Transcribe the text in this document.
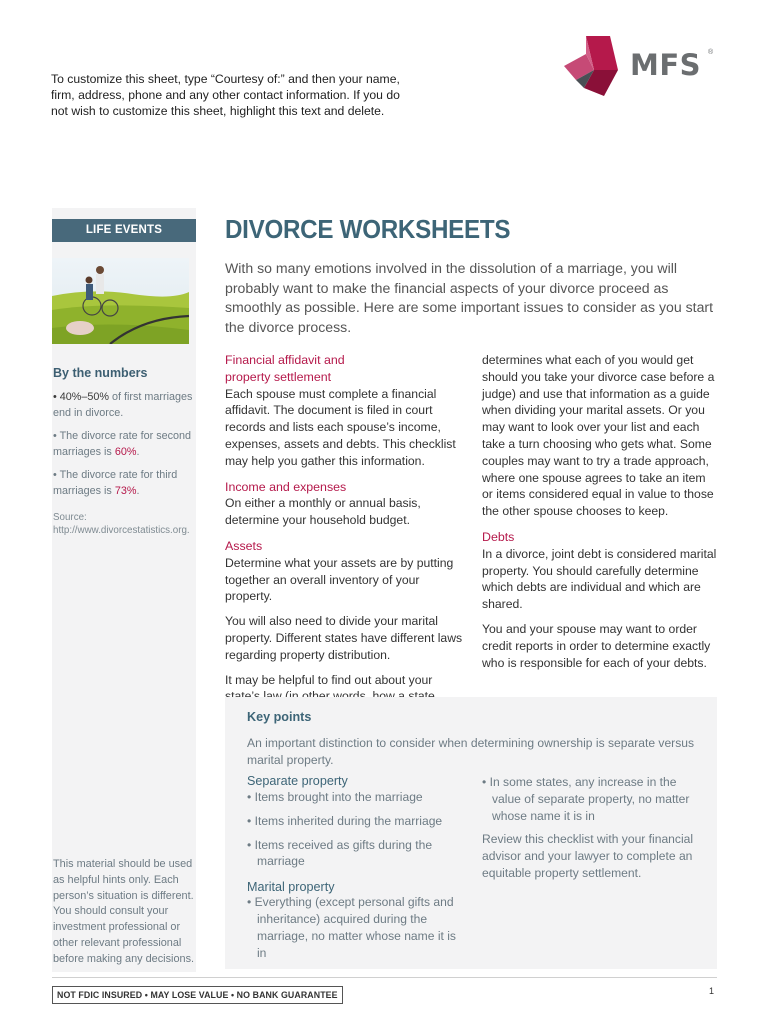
To customize this sheet, type “Courtesy of:” and then your name, firm, address, phone and any other contact information. If you do not wish to customize this sheet, highlight this text and delete.
MFS ®
LIFE EVENTS
By the numbers
• 40%–50% of first marriages end in divorce.
• The divorce rate for second marriages is 60%.
• The divorce rate for third marriages is 73%.
Source:
http://www.divorcestatistics.org.
This material should be used as helpful hints only. Each person’s situation is different. You should consult your investment professional or other relevant professional before making any decisions.
DIVORCE WORKSHEETS
With so many emotions involved in the dissolution of a marriage, you will probably want to make the financial aspects of your divorce proceed as smoothly as possible. Here are some important issues to consider as you start the divorce process.
Financial affidavit and property settlement
Each spouse must complete a financial affidavit. The document is filed in court records and lists each spouse’s income, expenses, assets and debts. This checklist may help you gather this information.
Income and expenses
On either a monthly or annual basis, determine your household budget.
Assets
Determine what your assets are by putting together an overall inventory of your property.
You will also need to divide your marital property. Different states have different laws regarding property distribution.
It may be helpful to find out about your
determines what each of you would get should you take your divorce case before a judge) and use that information as a guide when dividing your marital assets. Or you may want to look over your list and each take a turn choosing who gets what. Some couples may want to try a trade approach, where one spouse agrees to take an item or items considered equal in value to those the other spouse chooses to keep.
Debts
In a divorce, joint debt is considered marital property. You should carefully determine which debts are individual and which are shared.
You and your spouse may want to order credit reports in order to determine exactly who is responsible for each of your debts.
Key points
An important distinction to consider when determining ownership is separate versus marital property.
Separate property
• Items brought into the marriage
• Items inherited during the marriage
• Items received as gifts during the marriage
Marital property
• Everything (except personal gifts and inheritance) acquired during the marriage, no matter whose name it is in
• In some states, any increase in the value of separate property, no matter whose name it is in
Review this checklist with your financial advisor and your lawyer to complete an equitable property settlement.
NOT FDIC INSURED • MAY LOSE VALUE • NO BANK GUARANTEE	1
